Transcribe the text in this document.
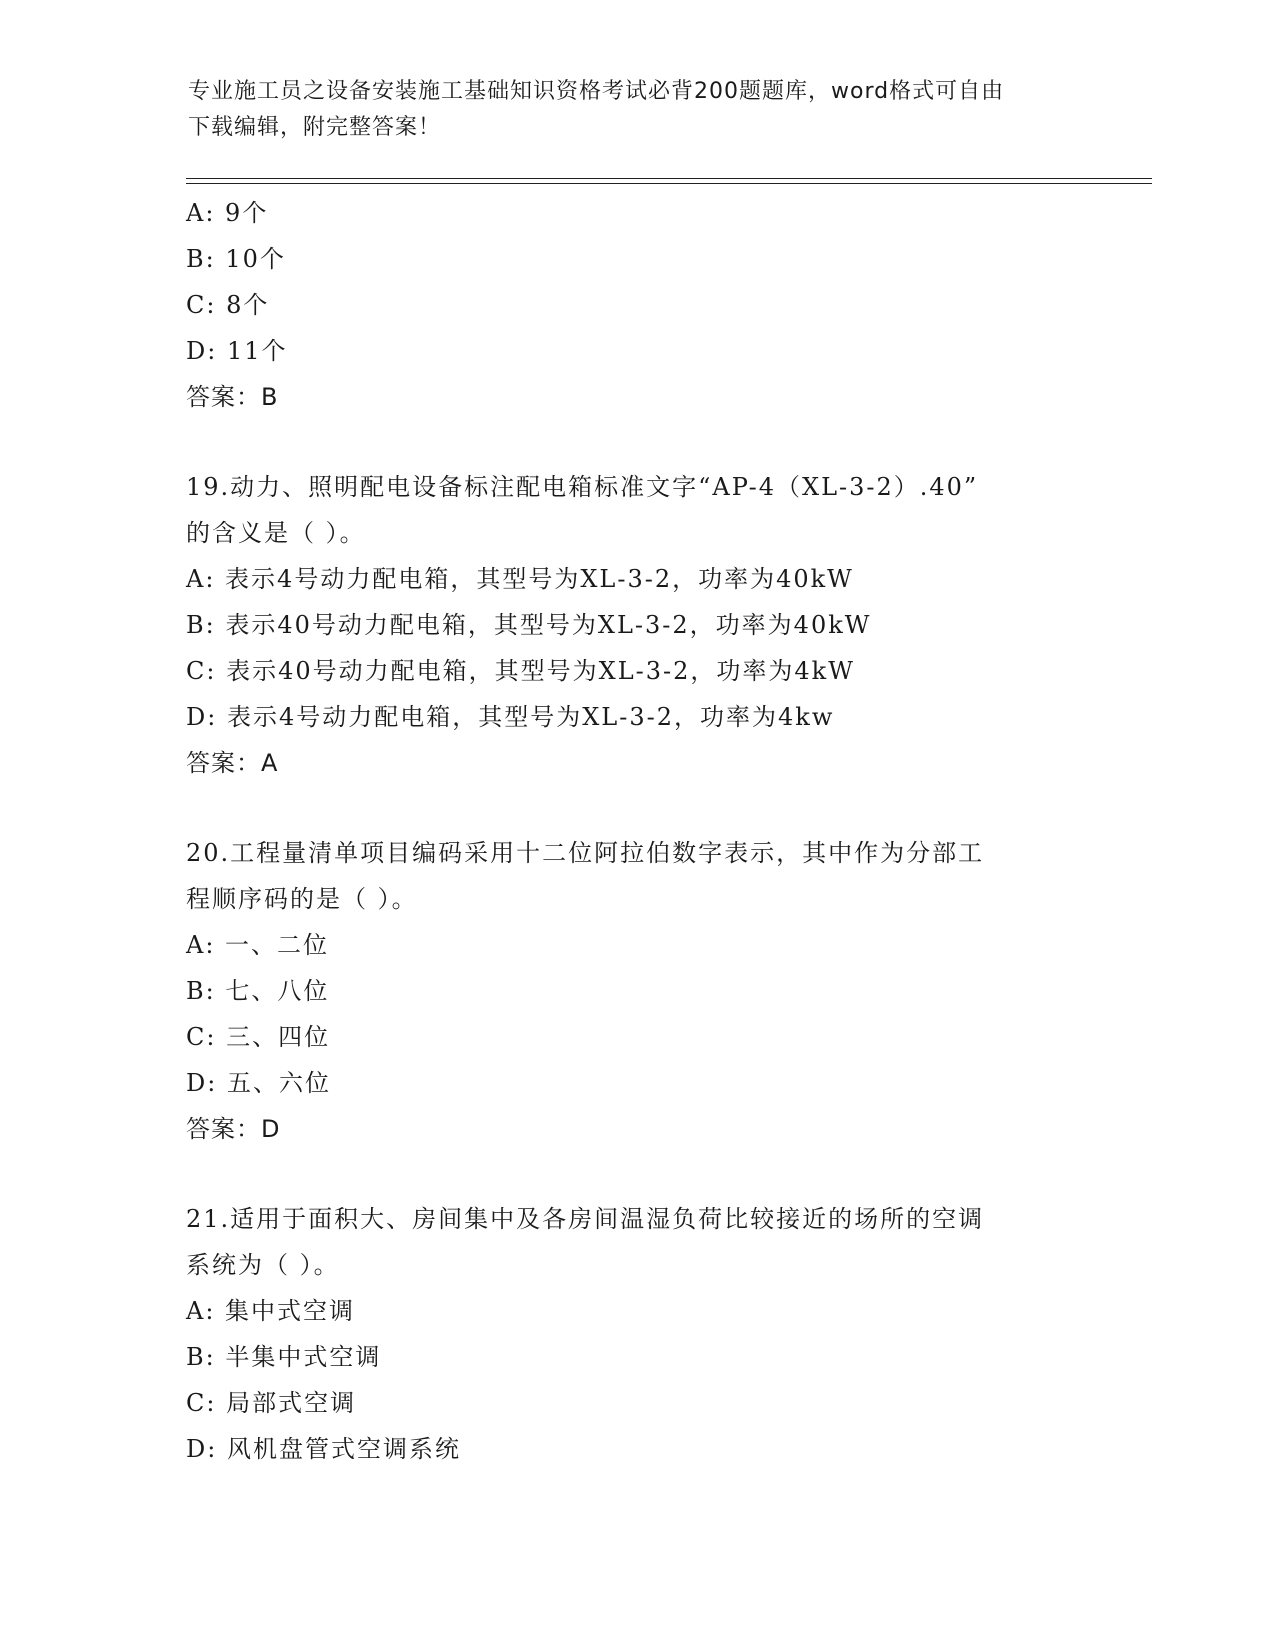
专业施工员之设备安装施工基础知识资格考试必背200题题库，word格式可自由
下载编辑，附完整答案！
A: 9个
B: 10个
C: 8个
D: 11个
答案：B
19.动力、照明配电设备标注配电箱标准文字“AP-4（XL-3-2）.40”
的含义是（ ）。
A: 表示4号动力配电箱，其型号为XL-3-2，功率为40kW
B: 表示40号动力配电箱，其型号为XL-3-2，功率为40kW
C: 表示40号动力配电箱，其型号为XL-3-2，功率为4kW
D: 表示4号动力配电箱，其型号为XL-3-2，功率为4kw
答案：A
20.工程量清单项目编码采用十二位阿拉伯数字表示，其中作为分部工
程顺序码的是（ ）。
A: 一、二位
B: 七、八位
C: 三、四位
D: 五、六位
答案：D
21.适用于面积大、房间集中及各房间温湿负荷比较接近的场所的空调
系统为（ ）。
A: 集中式空调
B: 半集中式空调
C: 局部式空调
D: 风机盘管式空调系统
